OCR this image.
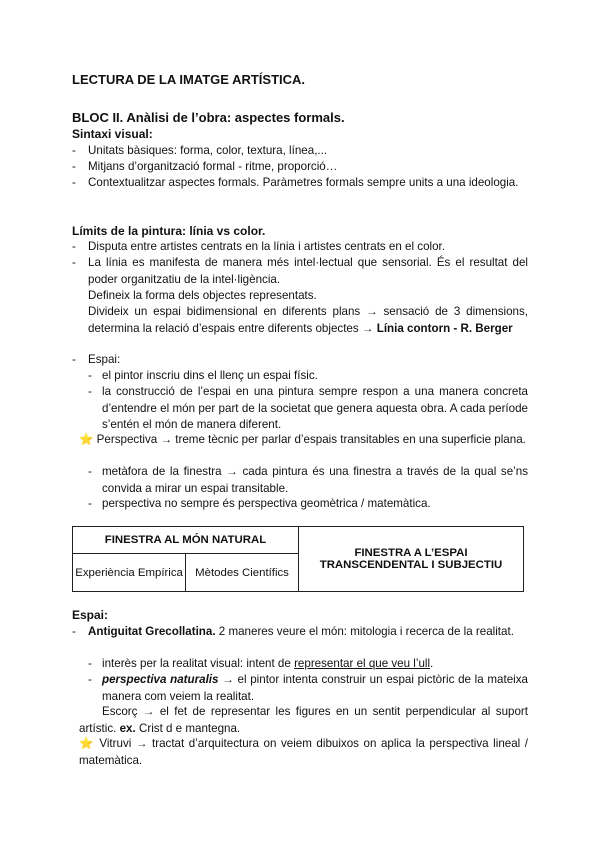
LECTURA DE LA IMATGE ARTÍSTICA.
BLOC II. Anàlisi de l’obra: aspectes formals.
Sintaxi visual:
- Unitats bàsiques: forma, color, textura, línea,...
- Mitjans d’organització formal - ritme, proporció…
- Contextualitzar aspectes formals. Paràmetres formals sempre units a una ideologia.
Límits de la pintura: línia vs color.
- Disputa entre artistes centrats en la línia i artistes centrats en el color.
- La línia es manifesta de manera més intel·lectual que sensorial. És el resultat del poder organitzatiu de la intel·ligència.
Defineix la forma dels objectes representats.
Divideix un espai bidimensional en diferents plans → sensació de 3 dimensions, determina la relació d’espais entre diferents objectes → Línia contorn - R. Berger
- Espai:
- el pintor inscriu dins el llenç un espai físic.
- la construcció de l’espai en una pintura sempre respon a una manera concreta d’entendre el món per part de la societat que genera aquesta obra. A cada període s’entén el món de manera diferent.
⭐ Perspectiva → treme tècnic per parlar d’espais transitables en una superficie plana.
- metàfora de la finestra → cada pintura és una finestra a través de la qual se’ns convida a mirar un espai transitable.
- perspectiva no sempre és perspectiva geomètrica / matemàtica.
FINESTRA AL MÓN NATURAL		FINESTRA A L’ESPAI TRANSCENDENTAL I SUBJECTIU
Experiència Empírica	Mètodes Científics	
Espai:
- Antiguitat Grecollatina. 2 maneres veure el món: mitologia i recerca de la realitat.
- interès per la realitat visual: intent de representar el que veu l’ull.
- perspectiva naturalis → el pintor intenta construir un espai pictòric de la mateixa manera com veiem la realitat.
Escorç → el fet de representar les figures en un sentit perpendicular al suport artístic. ex. Crist d e mantegna.
⭐ Vitruvi → tractat d’arquitectura on veiem dibuixos on aplica la perspectiva lineal / matemàtica.
